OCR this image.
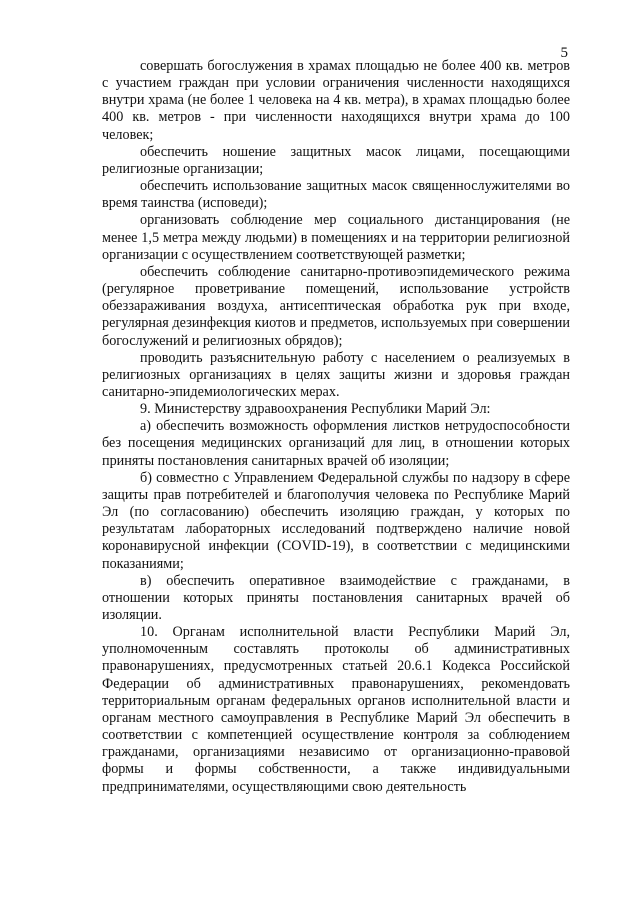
5

совершать богослужения в храмах площадью не более 400 кв. метров с участием граждан при условии ограничения численности находящихся внутри храма (не более 1 человека на 4 кв. метра), в храмах площадью более 400 кв. метров - при численности находящихся внутри храма до 100 человек;

обеспечить ношение защитных масок лицами, посещающими религиозные организации;

обеспечить использование защитных масок священнослужителями во время таинства (исповеди);

организовать соблюдение мер социального дистанцирования (не менее 1,5 метра между людьми) в помещениях и на территории религиозной организации с осуществлением соответствующей разметки;

обеспечить соблюдение санитарно-противоэпидемического режима (регулярное проветривание помещений, использование устройств обеззараживания воздуха, антисептическая обработка рук при входе, регулярная дезинфекция киотов и предметов, используемых при совершении богослужений и религиозных обрядов);

проводить разъяснительную работу с населением о реализуемых в религиозных организациях в целях защиты жизни и здоровья граждан санитарно-эпидемиологических мерах.

9. Министерству здравоохранения Республики Марий Эл:

а) обеспечить возможность оформления листков нетрудоспособности без посещения медицинских организаций для лиц, в отношении которых приняты постановления санитарных врачей об изоляции;

б) совместно с Управлением Федеральной службы по надзору в сфере защиты прав потребителей и благополучия человека по Республике Марий Эл (по согласованию) обеспечить изоляцию граждан, у которых по результатам лабораторных исследований подтверждено наличие новой коронавирусной инфекции (COVID-19), в соответствии с медицинскими показаниями;

в) обеспечить оперативное взаимодействие с гражданами, в отношении которых приняты постановления санитарных врачей об изоляции.

10. Органам исполнительной власти Республики Марий Эл, уполномоченным составлять протоколы об административных правонарушениях, предусмотренных статьей 20.6.1 Кодекса Российской Федерации об административных правонарушениях, рекомендовать территориальным органам федеральных органов исполнительной власти и органам местного самоуправления в Республике Марий Эл обеспечить в соответствии с компетенцией осуществление контроля за соблюдением гражданами, организациями независимо от организационно-правовой формы и формы собственности, а также индивидуальными предпринимателями, осуществляющими свою деятельность
